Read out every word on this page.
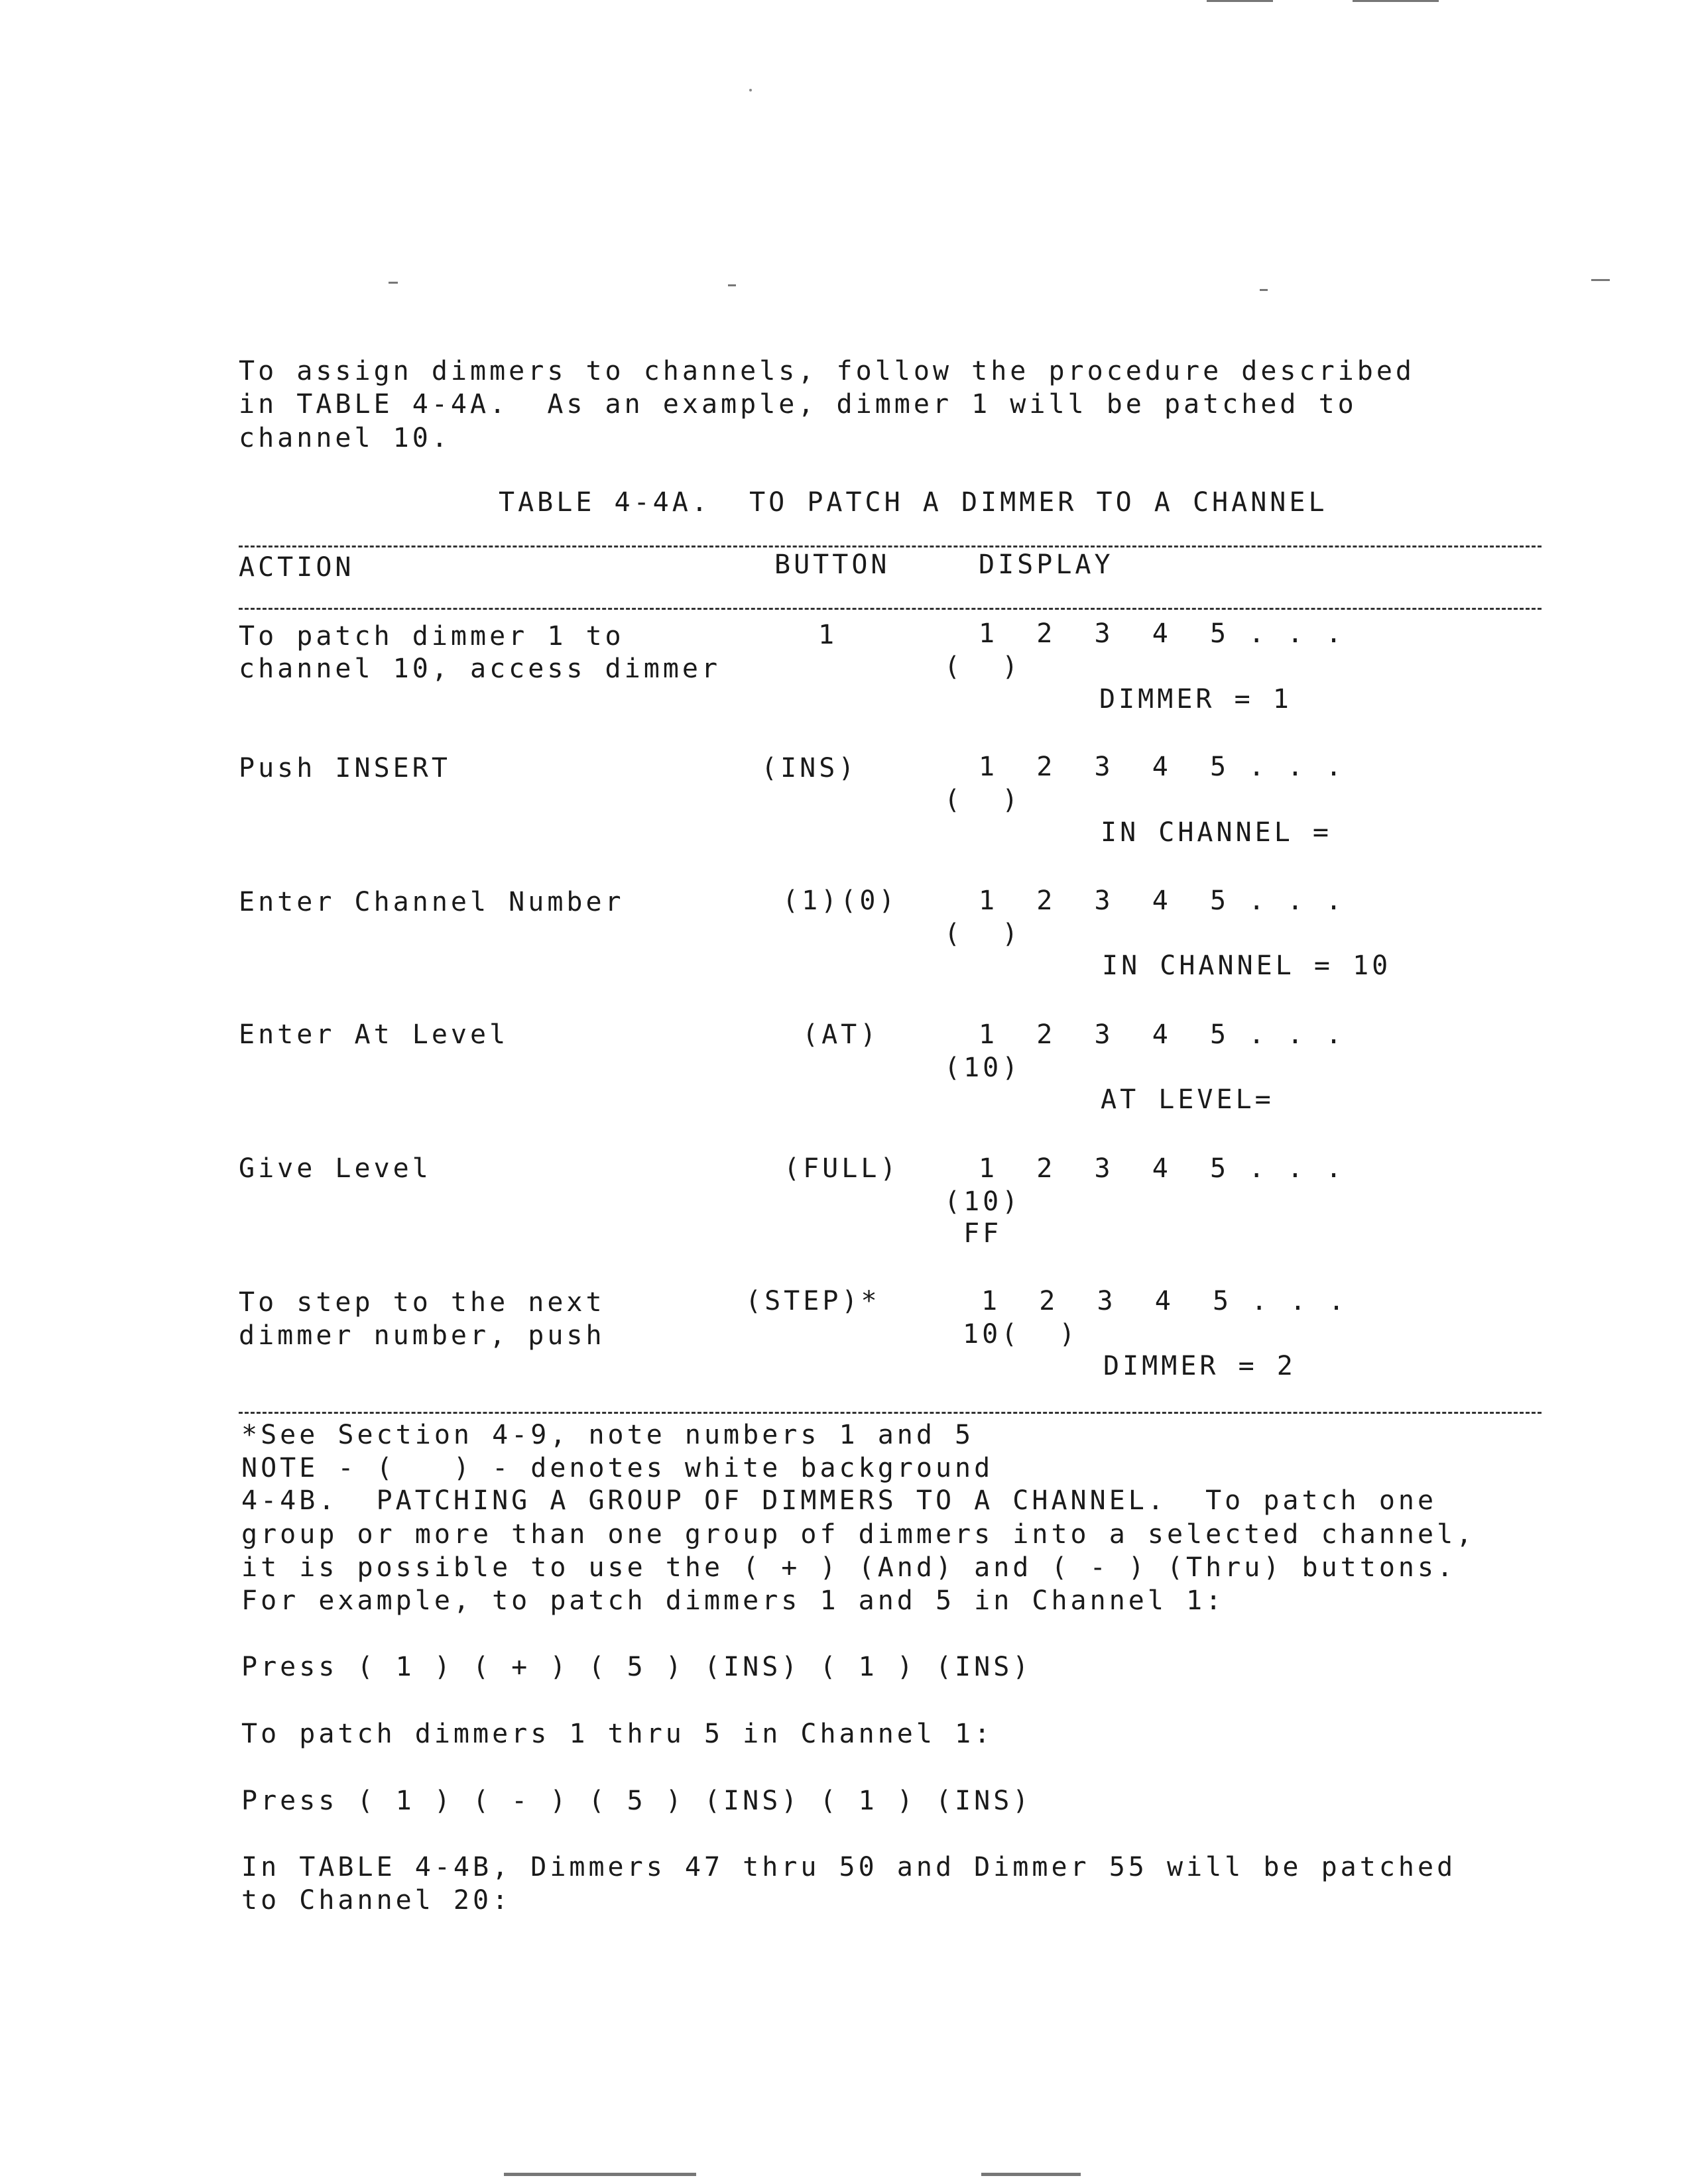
To assign dimmers to channels, follow the procedure described
in TABLE 4-4A.  As an example, dimmer 1 will be patched to
channel 10.
TABLE 4-4A.  TO PATCH A DIMMER TO A CHANNEL
ACTION	BUTTON	DISPLAY
To patch dimmer 1 to
channel 10, access dimmer
1	1  2  3  4  5 . . .
(  )
DIMMER = 1
Push INSERT	(INS)	1  2  3  4  5 . . .
(  )
IN CHANNEL =
Enter Channel Number	(1)(0)	1  2  3  4  5 . . .
(  )
IN CHANNEL = 10
Enter At Level	(AT)	1  2  3  4  5 . . .
(10)
AT LEVEL=
Give Level	(FULL)	1  2  3  4  5 . . .
(10)
FF
To step to the next
dimmer number, push
(STEP)*	1  2  3  4  5 . . .
10(  )
DIMMER = 2
*See Section 4-9, note numbers 1 and 5
NOTE - (   ) - denotes white background
4-4B.  PATCHING A GROUP OF DIMMERS TO A CHANNEL.  To patch one
group or more than one group of dimmers into a selected channel,
it is possible to use the ( + ) (And) and ( - ) (Thru) buttons.
For example, to patch dimmers 1 and 5 in Channel 1:
Press ( 1 ) ( + ) ( 5 ) (INS) ( 1 ) (INS)
To patch dimmers 1 thru 5 in Channel 1:
Press ( 1 ) ( - ) ( 5 ) (INS) ( 1 ) (INS)
In TABLE 4-4B, Dimmers 47 thru 50 and Dimmer 55 will be patched
to Channel 20:
